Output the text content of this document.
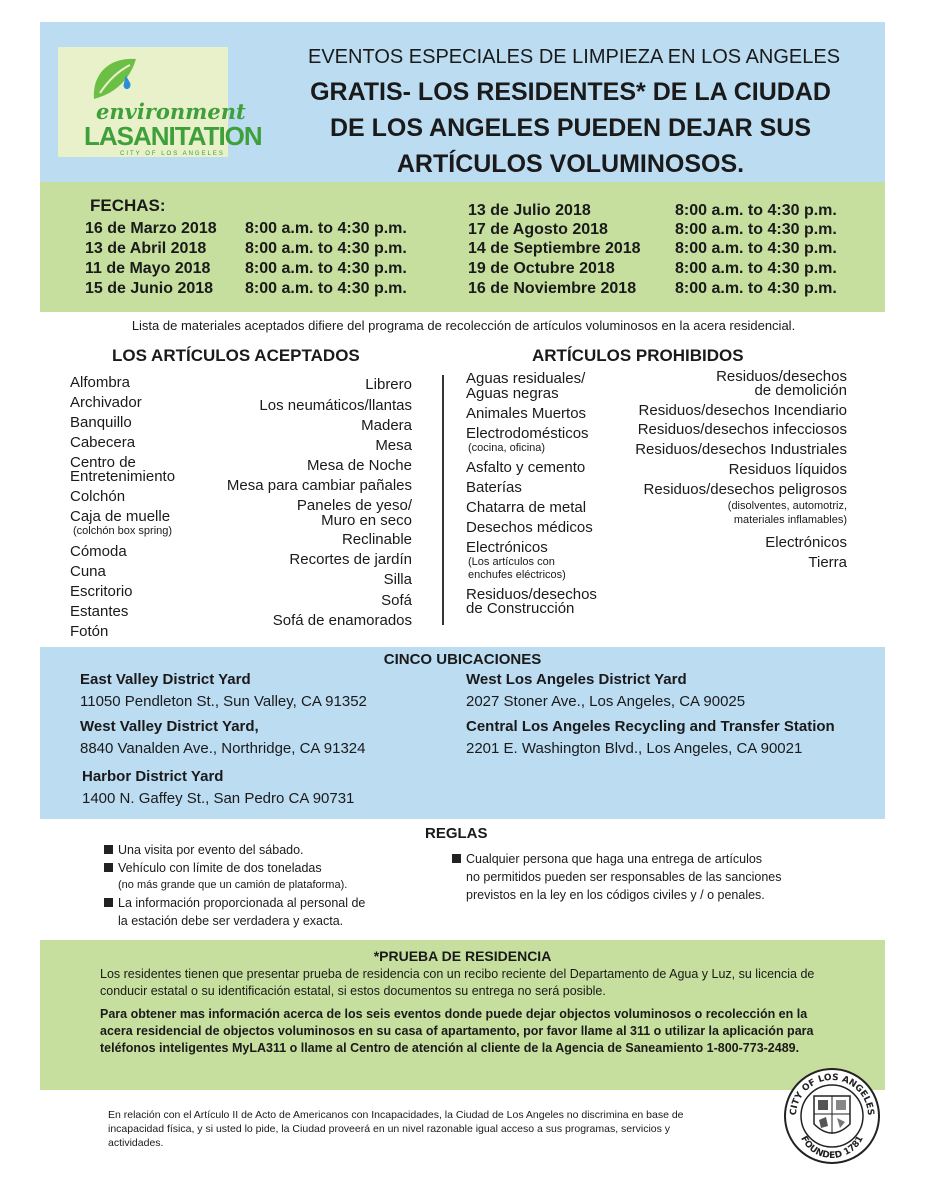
environment
LASANITATION
CITY OF LOS ANGELES
EVENTOS ESPECIALES DE LIMPIEZA EN LOS ANGELES
GRATIS- LOS RESIDENTES* DE LA CIUDAD
DE LOS ANGELES PUEDEN DEJAR SUS
ARTÍCULOS VOLUMINOSOS.
FECHAS:
16 de Marzo 2018 8:00 a.m. to 4:30 p.m.
13 de Abril 2018 8:00 a.m. to 4:30 p.m.
11 de Mayo 2018 8:00 a.m. to 4:30 p.m.
15 de Junio 2018 8:00 a.m. to 4:30 p.m.
13 de Julio 2018	8:00 a.m. to 4:30 p.m.
17 de Agosto 2018	8:00 a.m. to 4:30 p.m.
14 de Septiembre 2018 8:00 a.m. to 4:30 p.m.
19 de Octubre 2018	8:00 a.m. to 4:30 p.m.
16 de Noviembre 2018 8:00 a.m. to 4:30 p.m.
Lista de materiales aceptados difiere del programa de recolección de artículos voluminosos en la acera residencial.
LOS ARTÍCULOS ACEPTADOS
Alfombra
Archivador
Banquillo
Cabecera
Centro de
Entretenimiento
Colchón
Caja de muelle
(colchón box spring)
Cómoda
Cuna
Escritorio
Estantes
Fotón
Librero
Los neumáticos/llantas
Madera
Mesa
Mesa de Noche
Mesa para cambiar pañales
Paneles de yeso/
Muro en seco
Reclinable
Recortes de jardín
Silla
Sofá
Sofá de enamorados
ARTÍCULOS PROHIBIDOS
Aguas residuales/
Aguas negras
Animales Muertos
Electrodomésticos
(cocina, oficina)
Asfalto y cemento
Baterías
Chatarra de metal
Desechos médicos
Electrónicos
(Los artículos con
enchufes eléctricos)
Residuos/desechos
de Construcción
Residuos/desechos
de demolición
Residuos/desechos Incendiario
Residuos/desechos infecciosos
Residuos/desechos Industriales
Residuos líquidos
Residuos/desechos peligrosos
(disolventes, automotriz,
materiales inflamables)
Electrónicos
Tierra
CINCO UBICACIONES
East Valley District Yard
11050 Pendleton St., Sun Valley, CA 91352
West Valley District Yard,
8840 Vanalden Ave., Northridge, CA 91324
Harbor District Yard
1400 N. Gaffey St., San Pedro CA 90731
West Los Angeles District Yard
2027 Stoner Ave., Los Angeles, CA 90025
Central Los Angeles Recycling and Transfer Station
2201 E. Washington Blvd., Los Angeles, CA 90021
REGLAS
Una visita por evento del sábado.
Vehículo con límite de dos toneladas
(no más grande que un camión de plataforma).
La información proporcionada al personal de
la estación debe ser verdadera y exacta.
Cualquier persona que haga una entrega de artículos
no permitidos pueden ser responsables de las sanciones
previstos en la ley en los códigos civiles y / o penales.
*PRUEBA DE RESIDENCIA
Los residentes tienen que presentar prueba de residencia con un recibo reciente del Departamento de Agua y Luz, su licencia de conducir estatal o su identificación estatal, si estos documentos su entrega no será posible.
Para obtener mas información acerca de los seis eventos donde puede dejar objectos voluminosos o recolección en la acera residencial de objectos voluminosos en su casa of apartamento, por favor llame al 311 o utilizar la aplicación para teléfonos inteligentes MyLA311 o llame al Centro de atención al cliente de la Agencia de Saneamiento 1-800-773-2489.
En relación con el Artículo II de Acto de Americanos con Incapacidades, la Ciudad de Los Angeles no discrimina en base de incapacidad física, y si usted lo pide, la Ciudad proveerá en un nivel razonable igual acceso a sus programas, servicios y actividades.
CITY OF LOS ANGELES
FOUNDED 1781
